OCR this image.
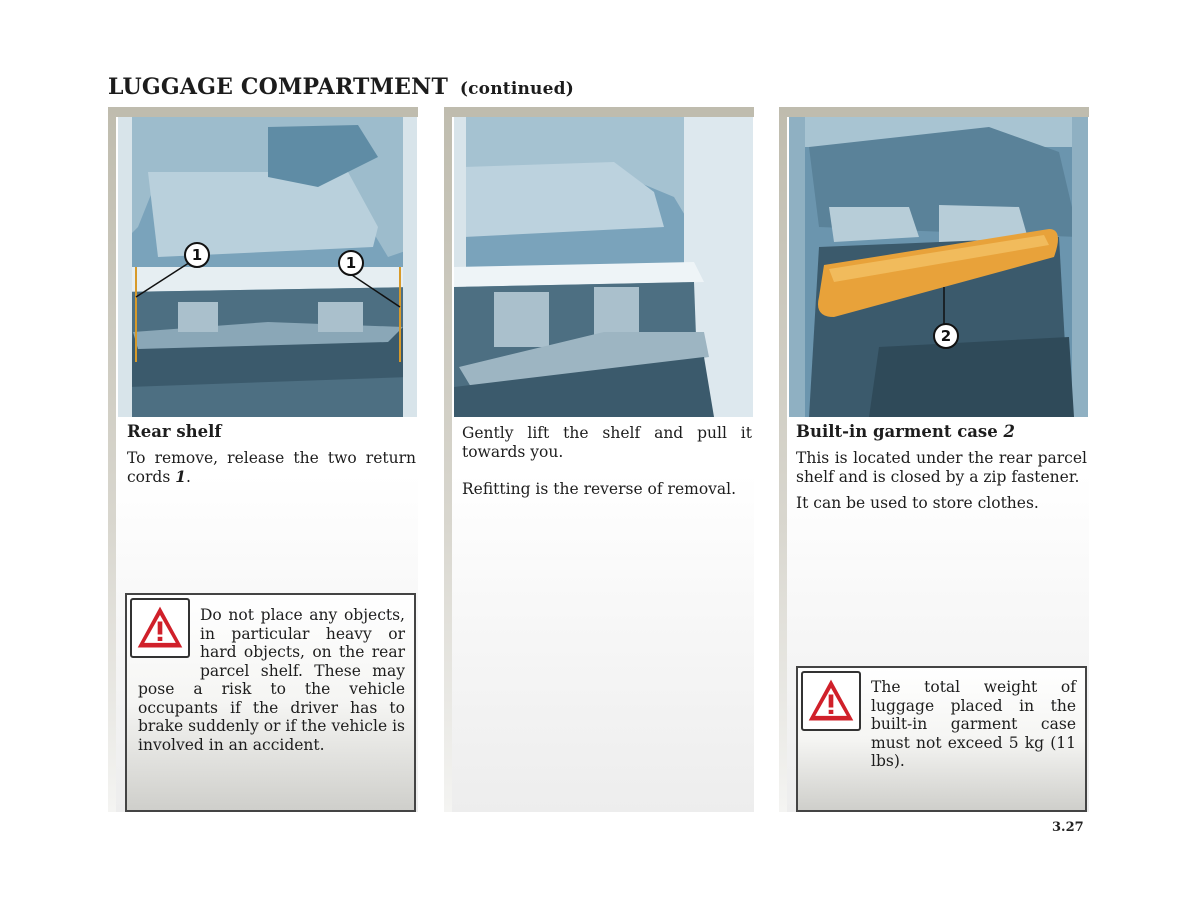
LUGGAGE COMPARTMENT (continued)
1	1
Rear shelf
To remove, release the two return cords 1.
Do not place any objects,
in particular heavy or
hard objects, on the rear
parcel shelf. These may
pose a risk to the vehicle occupants if the driver has to brake suddenly or if the vehicle is involved in an accident.
Gently lift the shelf and pull it towards you.
Refitting is the reverse of removal.
2
Built-in garment case 2
This is located under the rear parcel shelf and is closed by a zip fastener.
It can be used to store clothes.
The total weight of luggage placed in the built-in garment case must not exceed 5 kg (11 lbs).
3.27
